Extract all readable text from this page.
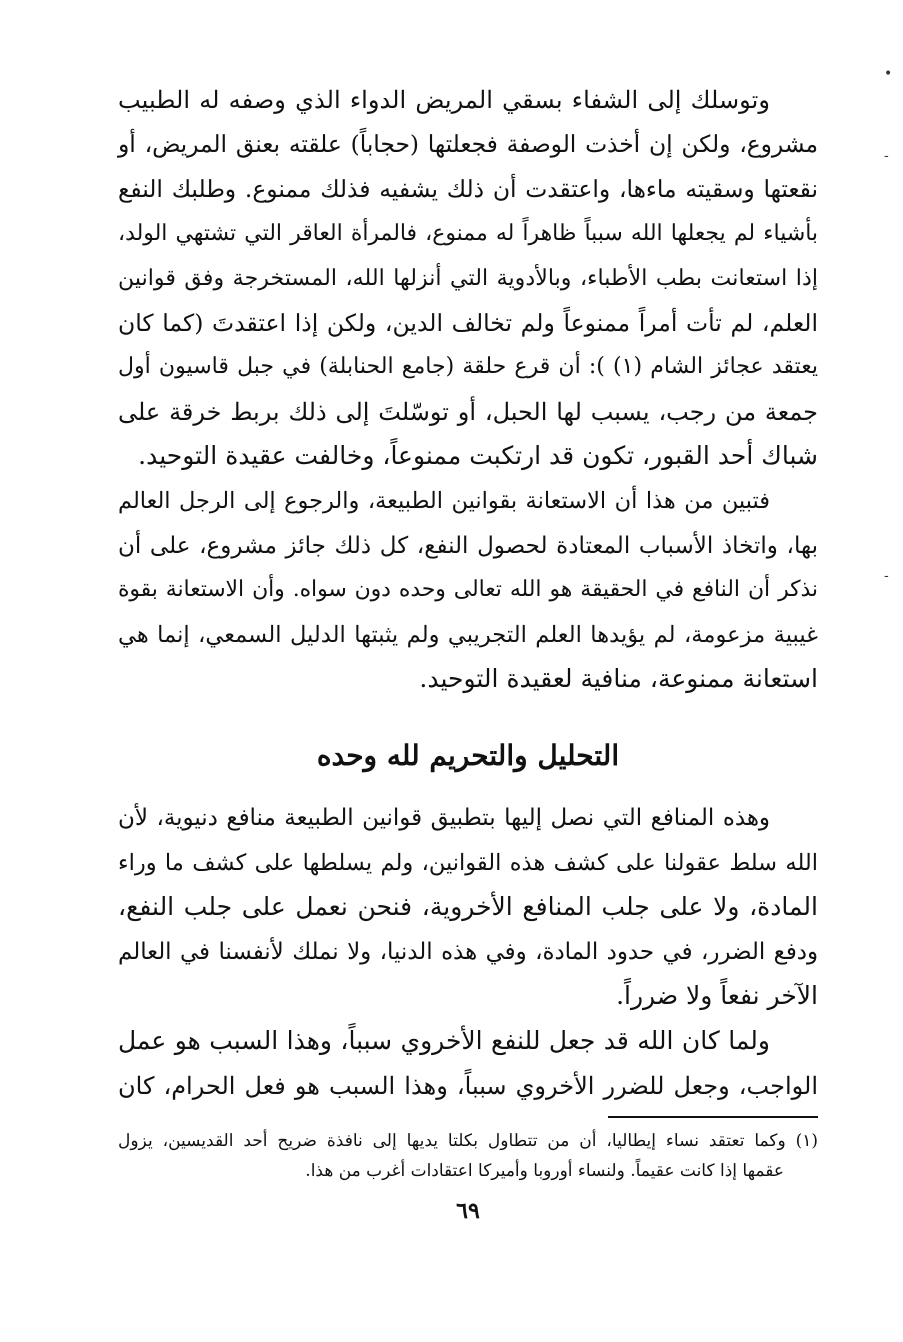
•
-
-
وتوسلك إلى الشفاء بسقي المريض الدواء الذي وصفه له الطبيب
مشروع، ولكن إن أخذت الوصفة فجعلتها (حجاباً) علقته بعنق المريض، أو
نقعتها وسقيته ماءها، واعتقدت أن ذلك يشفيه فذلك ممنوع. وطلبك النفع
بأشياء لم يجعلها الله سبباً ظاهراً له ممنوع، فالمرأة العاقر التي تشتهي الولد،
إذا استعانت بطب الأطباء، وبالأدوية التي أنزلها الله، المستخرجة وفق قوانين
العلم، لم تأت أمراً ممنوعاً ولم تخالف الدين، ولكن إذا اعتقدتَ (كما كان
يعتقد عجائز الشام (١) ): أن قرع حلقة (جامع الحنابلة) في جبل قاسيون أول
جمعة من رجب، يسبب لها الحبل، أو توسّلتَ إلى ذلك بربط خرقة على
شباك أحد القبور، تكون قد ارتكبت ممنوعاً، وخالفت عقيدة التوحيد.
فتبين من هذا أن الاستعانة بقوانين الطبيعة، والرجوع إلى الرجل العالم
بها، واتخاذ الأسباب المعتادة لحصول النفع، كل ذلك جائز مشروع، على أن
نذكر أن النافع في الحقيقة هو الله تعالى وحده دون سواه. وأن الاستعانة بقوة
غيبية مزعومة، لم يؤيدها العلم التجريبي ولم يثبتها الدليل السمعي، إنما هي
استعانة ممنوعة، منافية لعقيدة التوحيد.
التحليل والتحريم لله وحده
وهذه المنافع التي نصل إليها بتطبيق قوانين الطبيعة منافع دنيوية، لأن
الله سلط عقولنا على كشف هذه القوانين، ولم يسلطها على كشف ما وراء
المادة، ولا على جلب المنافع الأخروية، فنحن نعمل على جلب النفع،
ودفع الضرر، في حدود المادة، وفي هذه الدنيا، ولا نملك لأنفسنا في العالم
الآخر نفعاً ولا ضرراً.
ولما كان الله قد جعل للنفع الأخروي سبباً، وهذا السبب هو عمل
الواجب، وجعل للضرر الأخروي سبباً، وهذا السبب هو فعل الحرام، كان
(١) وكما تعتقد نساء إيطاليا، أن من تتطاول بكلتا يديها إلى نافذة ضريح أحد القديسين، يزول
عقمها إذا كانت عقيماً. ولنساء أوروبا وأميركا اعتقادات أغرب من هذا.
٦٩
